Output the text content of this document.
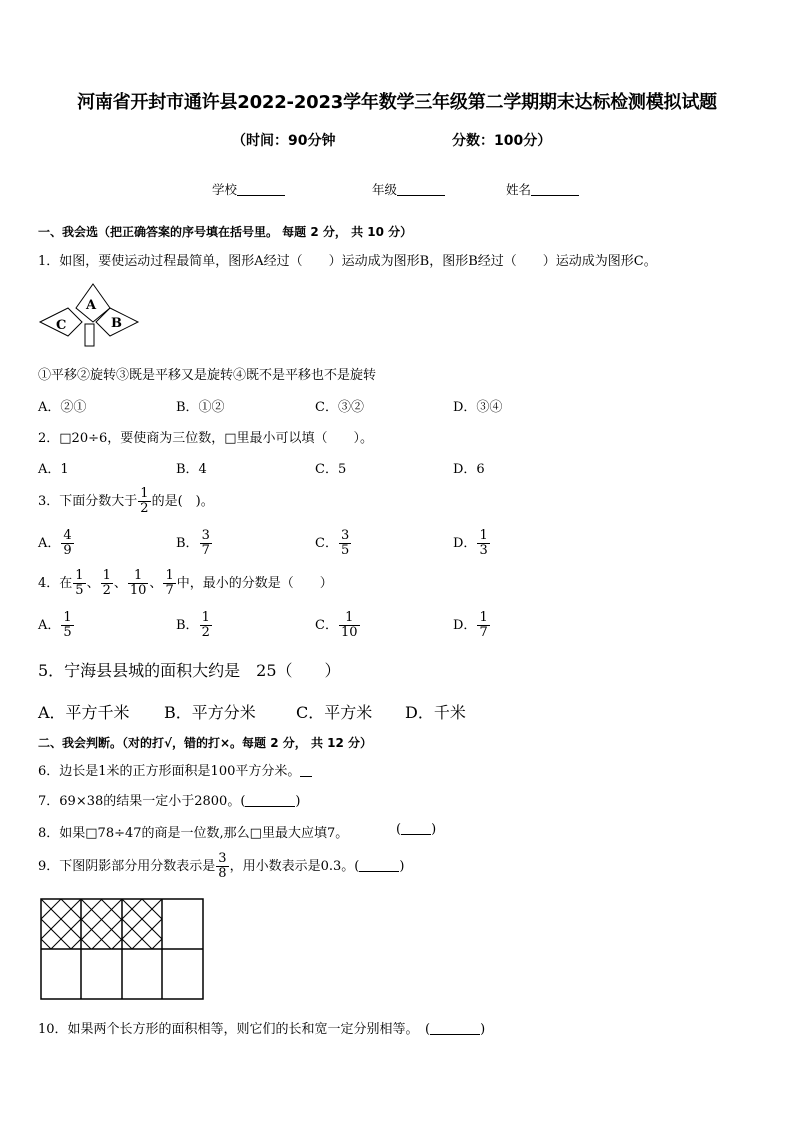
河南省开封市通许县2022-2023学年数学三年级第二学期期末达标检测模拟试题
（时间：90分钟	分数：100分）
学校	年级	姓名
一、我会选（把正确答案的序号填在括号里。 每题 2 分， 共 10 分）
1．如图，要使运动过程最简单，图形A经过（　　）运动成为图形B，图形B经过（　　）运动成为图形C。
A
B
C
①平移②旋转③既是平移又是旋转④既不是平移也不是旋转
A．②①	B．①②	C．③②	D．③④
2．□20÷6，要使商为三位数，□里最小可以填（　　）。
A．1	B．4	C．5	D．6
3．下面分数大于 $\frac{1}{2}$ 的是(　)。
A． $\frac{4}{9}$	B． $\frac{3}{7}$	C． $\frac{3}{5}$	D． $\frac{1}{3}$
4．在 $\frac{1}{5}$ 、 $\frac{1}{2}$ 、 $\frac{1}{10}$ 、 $\frac{1}{7}$ 中，最小的分数是（　　）
A． $\frac{1}{5}$	B． $\frac{1}{2}$	C． $\frac{1}{10}$	D． $\frac{1}{7}$
5．宁海县县城的面积大约是　25（　　）
A．平方千米 B．平方分米	C．平方米 D．千米
二、我会判断。（对的打√，错的打×。每题 2 分， 共 12 分）
6．边长是1米的正方形面积是100平方分米。
7．69×38的结果一定小于2800。(	)
8．如果□78÷47的商是一位数,那么□里最大应填7。	( )
9．下图阴影部分用分数表示是 $\frac{3}{8}$ ，用小数表示是0.3。(	)
10．如果两个长方形的面积相等，则它们的长和宽一定分别相等。　(	)
